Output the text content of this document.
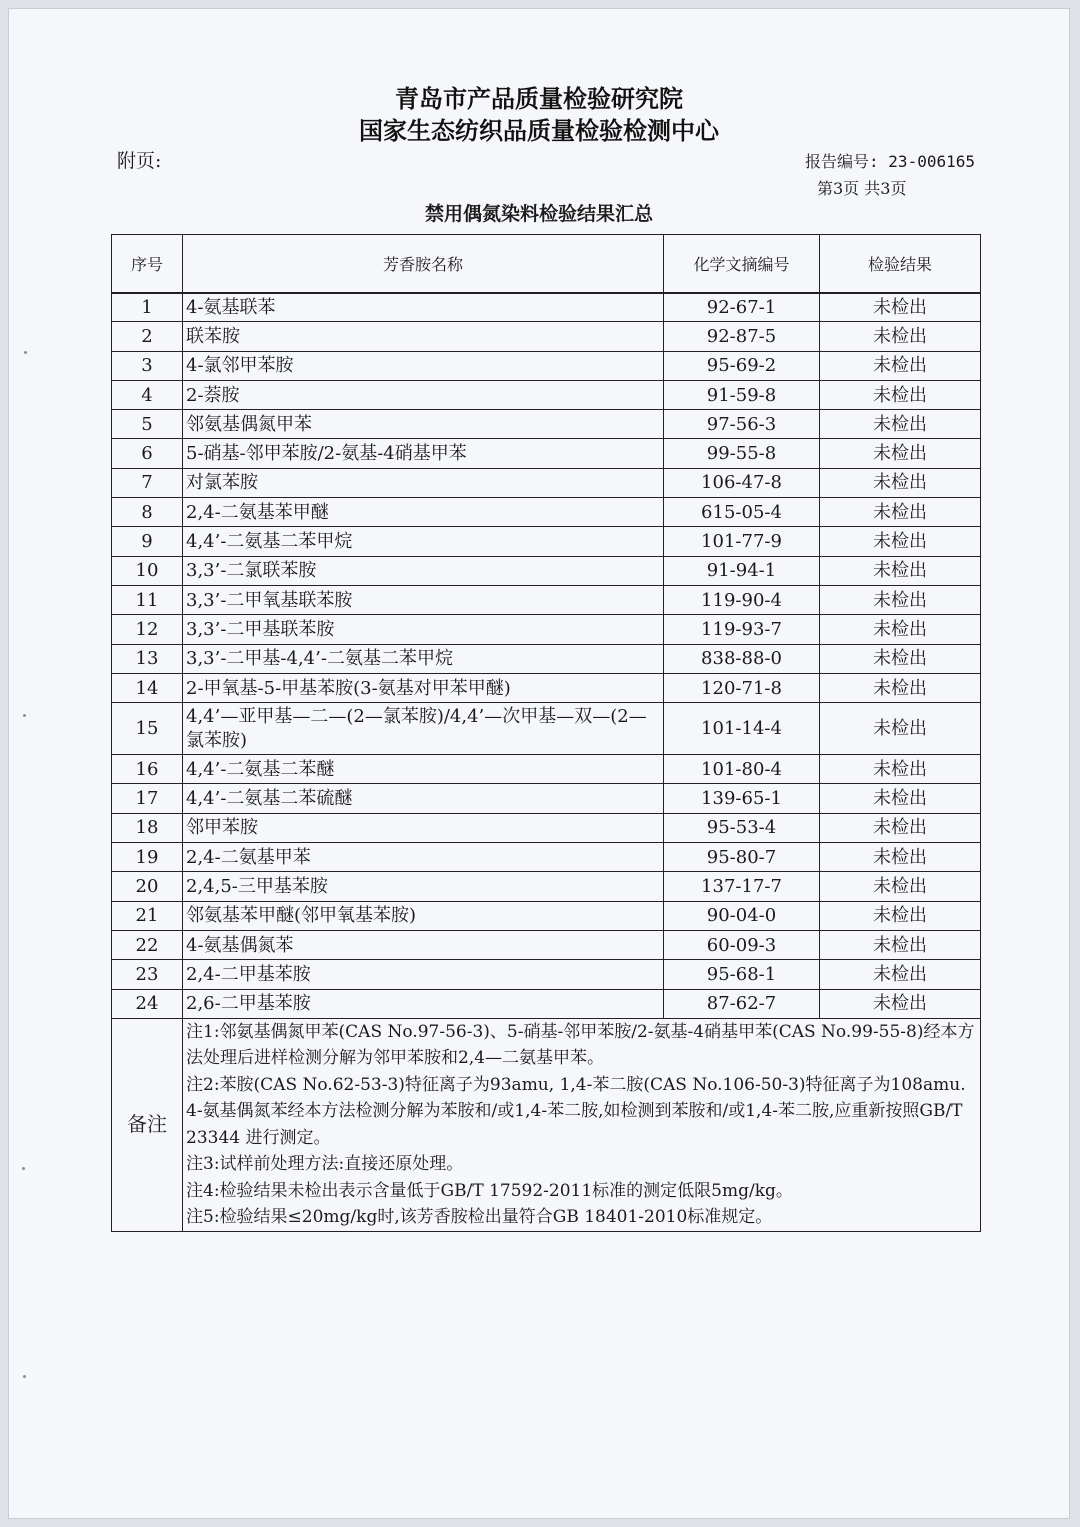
青岛市产品质量检验研究院
国家生态纺织品质量检验检测中心
附页:	报告编号: 23-006165
第3页 共3页
禁用偶氮染料检验结果汇总
序号	芳香胺名称	化学文摘编号	检验结果
1	4-氨基联苯	92-67-1	未检出
2	联苯胺	92-87-5	未检出
3	4-氯邻甲苯胺	95-69-2	未检出
4	2-萘胺	91-59-8	未检出
5	邻氨基偶氮甲苯	97-56-3	未检出
6	5-硝基-邻甲苯胺/2-氨基-4硝基甲苯	99-55-8	未检出
7	对氯苯胺	106-47-8	未检出
8	2,4-二氨基苯甲醚	615-05-4	未检出
9	4,4’-二氨基二苯甲烷	101-77-9	未检出
10	3,3’-二氯联苯胺	91-94-1	未检出
11	3,3’-二甲氧基联苯胺	119-90-4	未检出
12	3,3’-二甲基联苯胺	119-93-7	未检出
13	3,3’-二甲基-4,4’-二氨基二苯甲烷	838-88-0	未检出
14	2-甲氧基-5-甲基苯胺(3-氨基对甲苯甲醚)	120-71-8	未检出
15	4,4’—亚甲基—二—(2—氯苯胺)/4,4’—次甲基—双—(2—氯苯胺)	101-14-4	未检出
16	4,4’-二氨基二苯醚	101-80-4	未检出
17	4,4’-二氨基二苯硫醚	139-65-1	未检出
18	邻甲苯胺	95-53-4	未检出
19	2,4-二氨基甲苯	95-80-7	未检出
20	2,4,5-三甲基苯胺	137-17-7	未检出
21	邻氨基苯甲醚(邻甲氧基苯胺)	90-04-0	未检出
22	4-氨基偶氮苯	60-09-3	未检出
23	2,4-二甲基苯胺	95-68-1	未检出
24	2,6-二甲基苯胺	87-62-7	未检出
备注	注1:邻氨基偶氮甲苯(CAS No.97-56-3)、5-硝基-邻甲苯胺/2-氨基-4硝基甲苯(CAS No.99-55-8)经本方法处理后进样检测分解为邻甲苯胺和2,4—二氨基甲苯。
注2:苯胺(CAS No.62-53-3)特征离子为93amu, 1,4-苯二胺(CAS No.106-50-3)特征离子为108amu. 4-氨基偶氮苯经本方法检测分解为苯胺和/或1,4-苯二胺,如检测到苯胺和/或1,4-苯二胺,应重新按照GB/T 23344 进行测定。
注3:试样前处理方法:直接还原处理。
注4:检验结果未检出表示含量低于GB/T 17592-2011标准的测定低限5mg/kg。
注5:检验结果≤20mg/kg时,该芳香胺检出量符合GB 18401-2010标准规定。		
